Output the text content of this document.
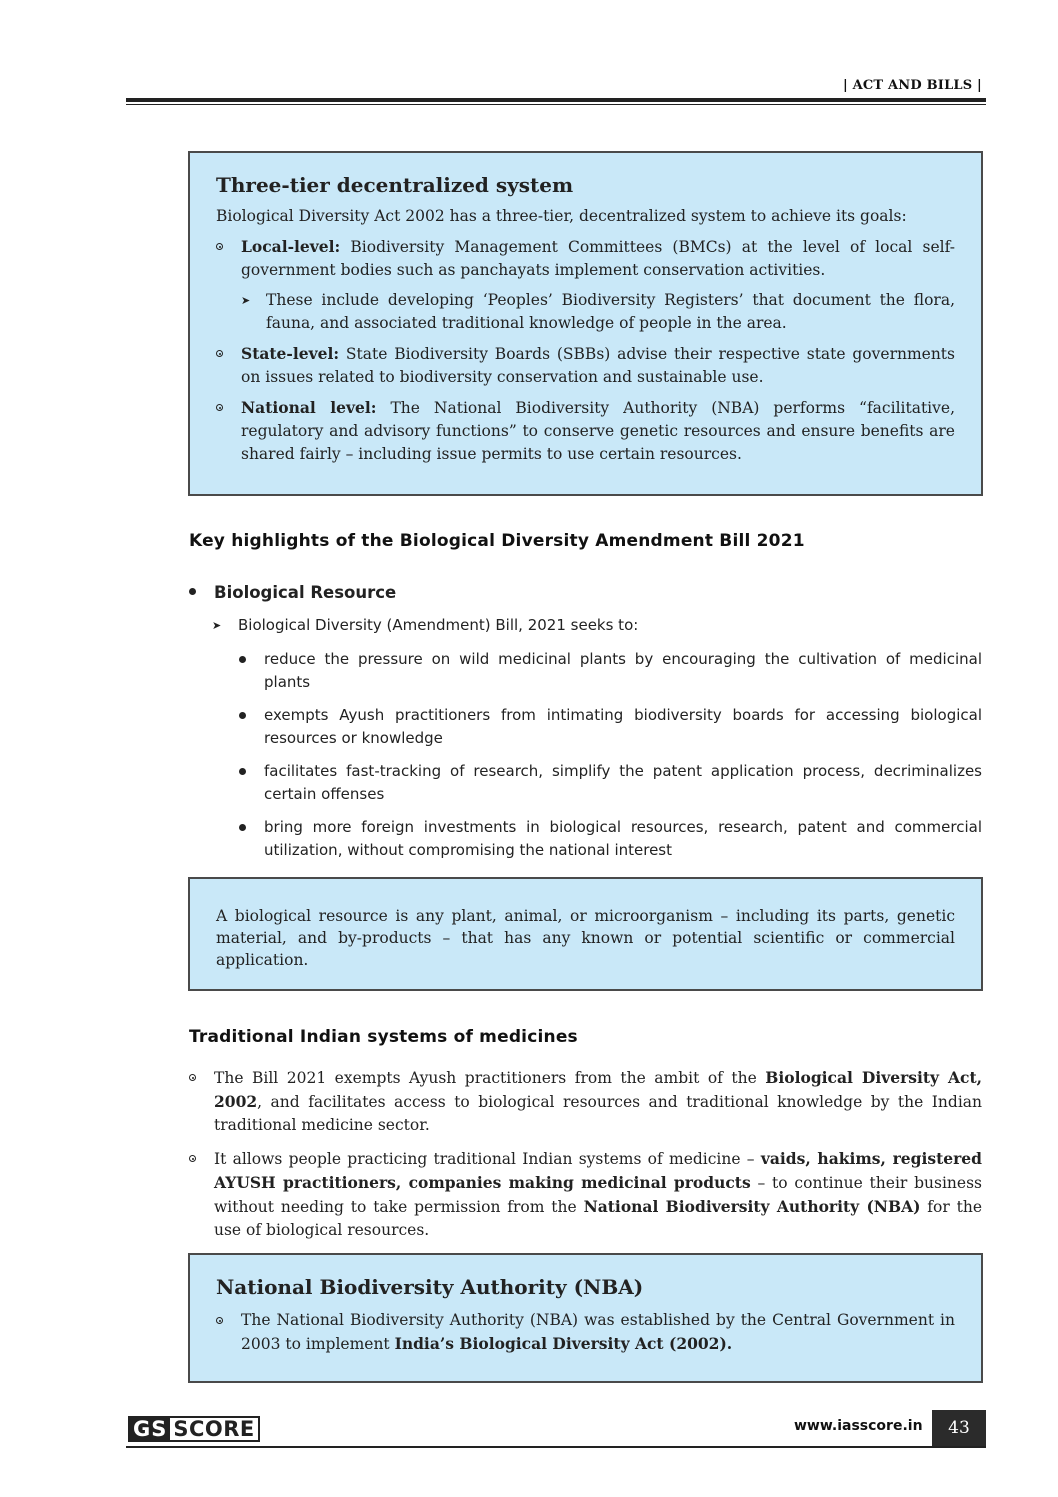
| ACT AND BILLS |
Three-tier decentralized system
Biological Diversity Act 2002 has a three-tier, decentralized system to achieve its goals:
Local-level: Biodiversity Management Committees (BMCs) at the level of local self-government bodies such as panchayats implement conservation activities.
➤ These include developing ‘Peoples’ Biodiversity Registers’ that document the flora, fauna, and associated traditional knowledge of people in the area.
State-level: State Biodiversity Boards (SBBs) advise their respective state governments on issues related to biodiversity conservation and sustainable use.
National level: The National Biodiversity Authority (NBA) performs “facilitative, regulatory and advisory functions” to conserve genetic resources and ensure benefits are shared fairly – including issue permits to use certain resources.
Key highlights of the Biological Diversity Amendment Bill 2021
Biological Resource
➤ Biological Diversity (Amendment) Bill, 2021 seeks to:
reduce the pressure on wild medicinal plants by encouraging the cultivation of medicinal plants
exempts Ayush practitioners from intimating biodiversity boards for accessing biological resources or knowledge
facilitates fast-tracking of research, simplify the patent application process, decriminalizes certain offenses
bring more foreign investments in biological resources, research, patent and commercial utilization, without compromising the national interest
A biological resource is any plant, animal, or microorganism – including its parts, genetic material, and by-products – that has any known or potential scientific or commercial application.
Traditional Indian systems of medicines
The Bill 2021 exempts Ayush practitioners from the ambit of the Biological Diversity Act, 2002, and facilitates access to biological resources and traditional knowledge by the Indian traditional medicine sector.
It allows people practicing traditional Indian systems of medicine – vaids, hakims, registered AYUSH practitioners, companies making medicinal products – to continue their business without needing to take permission from the National Biodiversity Authority (NBA) for the use of biological resources.
National Biodiversity Authority (NBA)
The National Biodiversity Authority (NBA) was established by the Central Government in 2003 to implement India’s Biological Diversity Act (2002).
GS SCORE	www.iasscore.in	43
